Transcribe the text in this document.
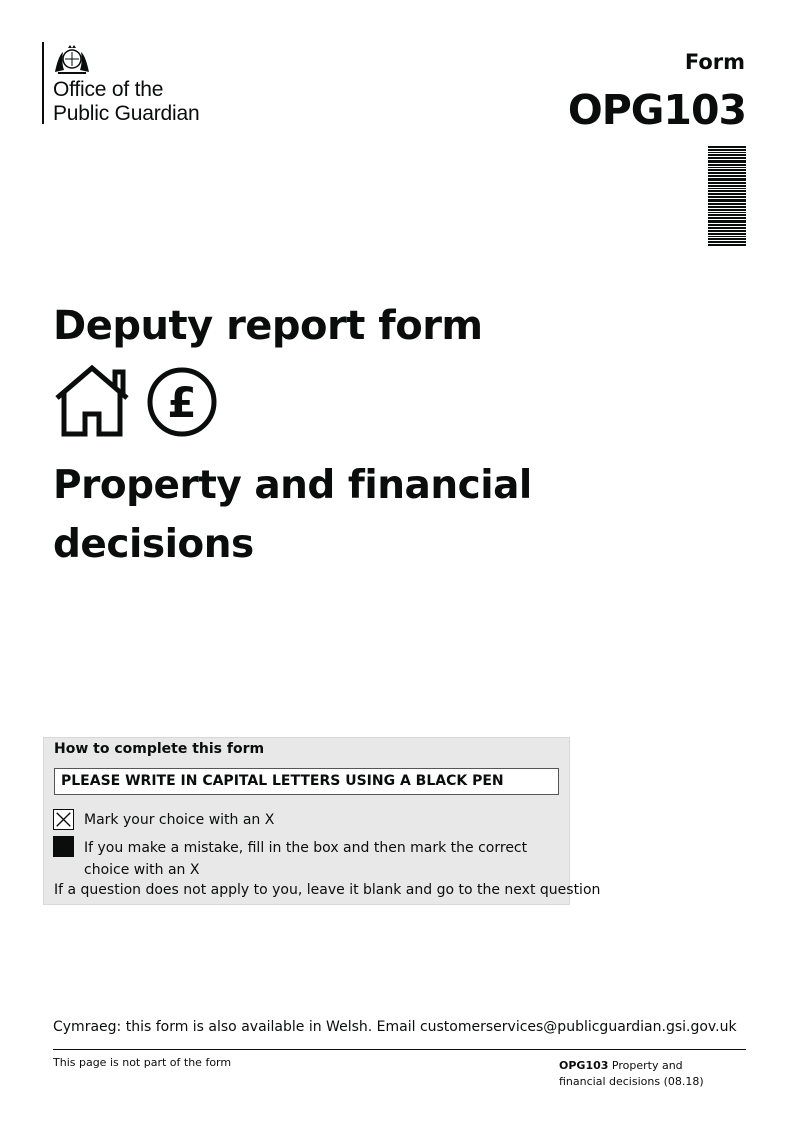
Office of the
Public Guardian
Form
OPG103
Deputy report form
£
Property and financial
decisions
How to complete this form
PLEASE WRITE IN CAPITAL LETTERS USING A BLACK PEN
Mark your choice with an X
If you make a mistake, fill in the box and then mark the correct
choice with an X
If a question does not apply to you, leave it blank and go to the next question
Cymraeg: this form is also available in Welsh. Email customerservices@publicguardian.gsi.gov.uk
This page is not part of the form	OPG103 Property and
financial decisions (08.18)
